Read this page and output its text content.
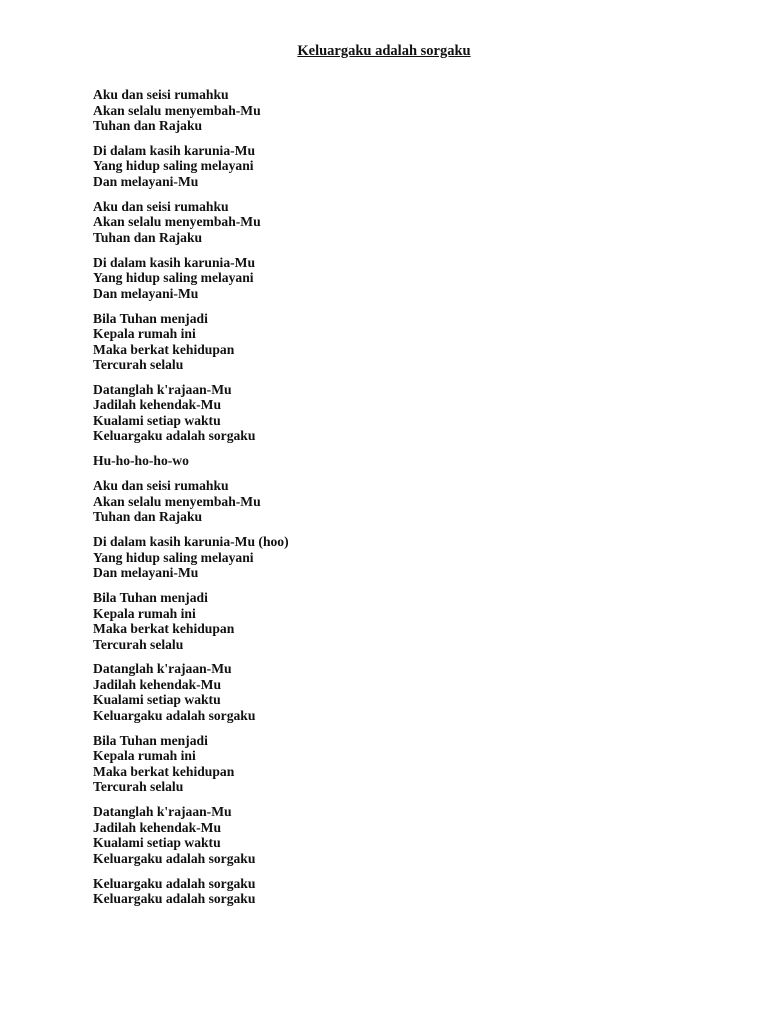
Keluargaku adalah sorgaku
Aku dan seisi rumahku
Akan selalu menyembah-Mu
Tuhan dan Rajaku
Di dalam kasih karunia-Mu
Yang hidup saling melayani
Dan melayani-Mu
Aku dan seisi rumahku
Akan selalu menyembah-Mu
Tuhan dan Rajaku
Di dalam kasih karunia-Mu
Yang hidup saling melayani
Dan melayani-Mu
Bila Tuhan menjadi
Kepala rumah ini
Maka berkat kehidupan
Tercurah selalu
Datanglah k'rajaan-Mu
Jadilah kehendak-Mu
Kualami setiap waktu
Keluargaku adalah sorgaku
Hu-ho-ho-ho-wo
Aku dan seisi rumahku
Akan selalu menyembah-Mu
Tuhan dan Rajaku
Di dalam kasih karunia-Mu (hoo)
Yang hidup saling melayani
Dan melayani-Mu
Bila Tuhan menjadi
Kepala rumah ini
Maka berkat kehidupan
Tercurah selalu
Datanglah k'rajaan-Mu
Jadilah kehendak-Mu
Kualami setiap waktu
Keluargaku adalah sorgaku
Bila Tuhan menjadi
Kepala rumah ini
Maka berkat kehidupan
Tercurah selalu
Datanglah k'rajaan-Mu
Jadilah kehendak-Mu
Kualami setiap waktu
Keluargaku adalah sorgaku
Keluargaku adalah sorgaku
Keluargaku adalah sorgaku
